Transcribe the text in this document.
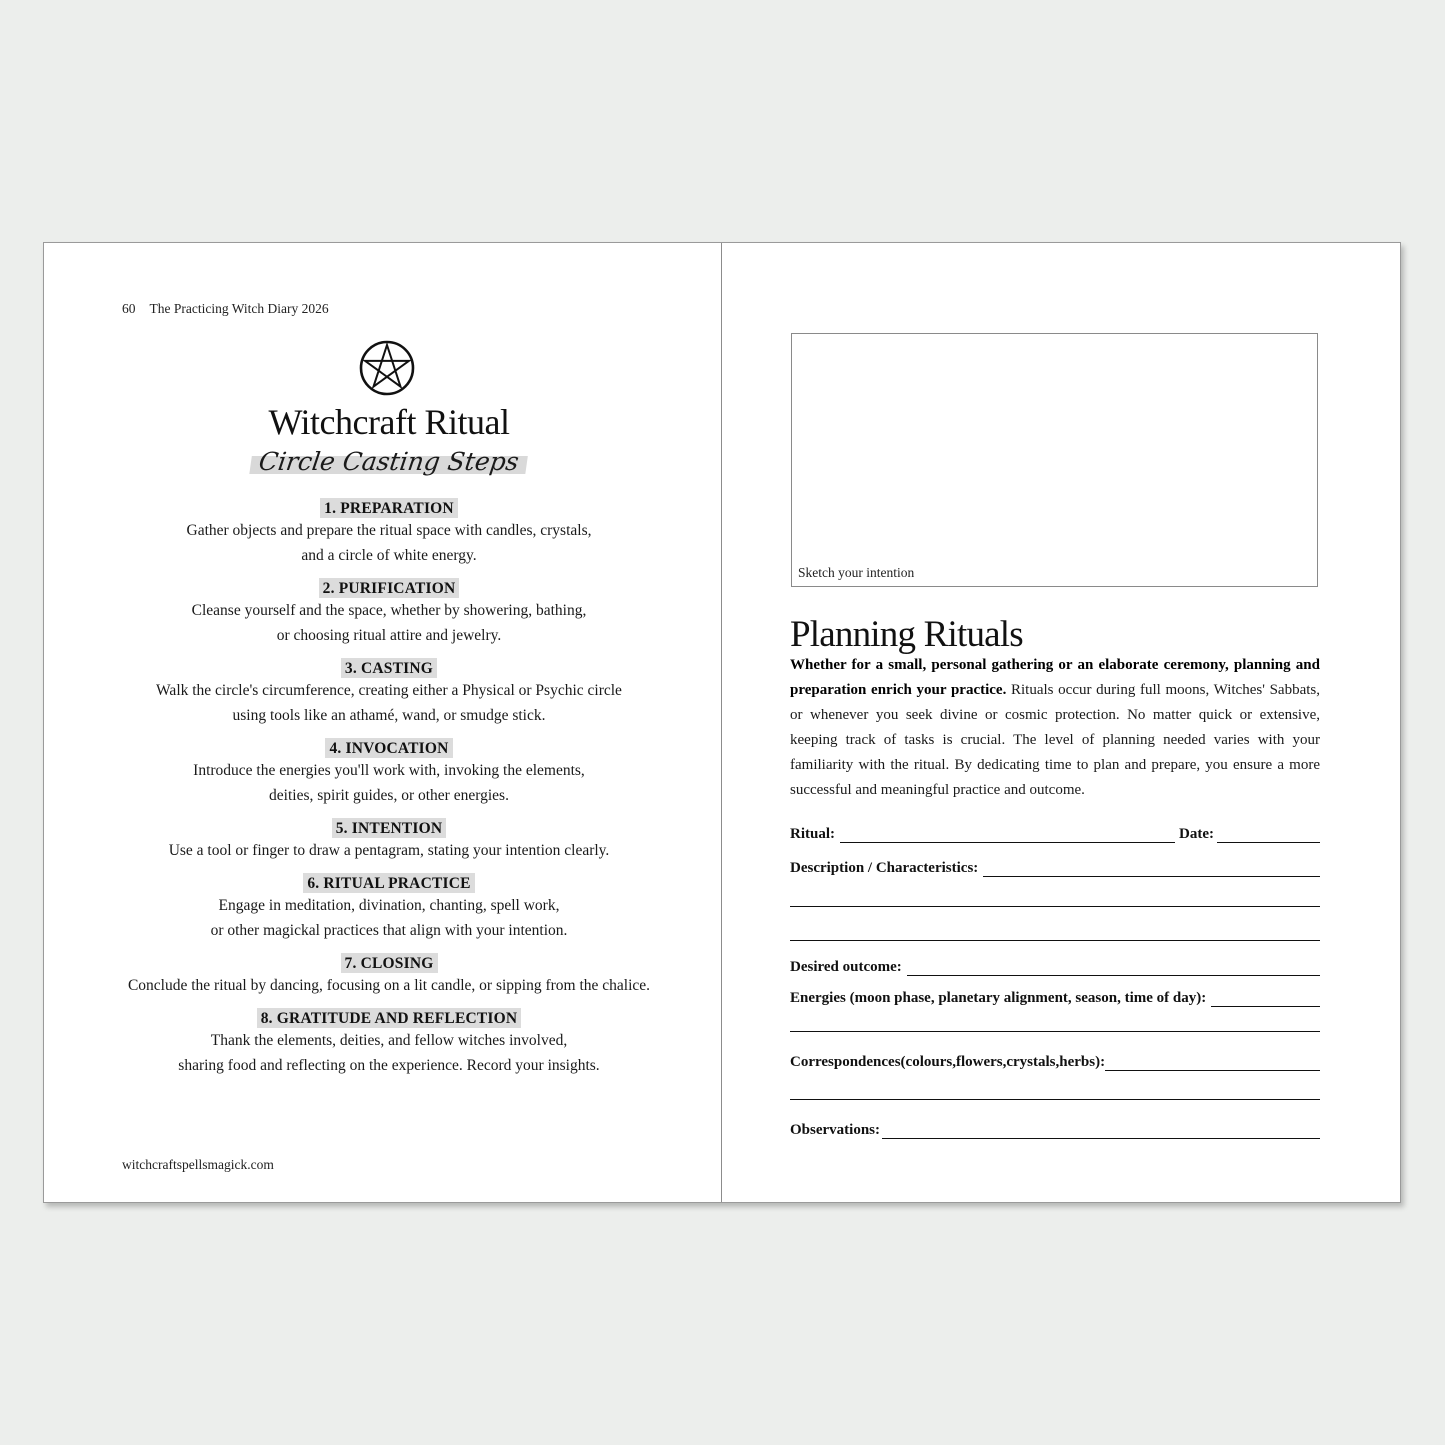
60 The Practicing Witch Diary 2026
Witchcraft Ritual
Circle Casting Steps
1. PREPARATION
Gather objects and prepare the ritual space with candles, crystals,
and a circle of white energy.
2. PURIFICATION
Cleanse yourself and the space, whether by showering, bathing,
or choosing ritual attire and jewelry.
3. CASTING
Walk the circle's circumference, creating either a Physical or Psychic circle
using tools like an athamé, wand, or smudge stick.
4. INVOCATION
Introduce the energies you'll work with, invoking the elements,
deities, spirit guides, or other energies.
5. INTENTION
Use a tool or finger to draw a pentagram, stating your intention clearly.
6. RITUAL PRACTICE
Engage in meditation, divination, chanting, spell work,
or other magickal practices that align with your intention.
7. CLOSING
Conclude the ritual by dancing, focusing on a lit candle, or sipping from the chalice.
8. GRATITUDE AND REFLECTION
Thank the elements, deities, and fellow witches involved,
sharing food and reflecting on the experience. Record your insights.
witchcraftspellsmagick.com
Sketch your intention
Planning Rituals
Whether for a small, personal gathering or an elaborate ceremony, planning and preparation enrich your practice. Rituals occur during full moons, Witches' Sabbats, or whenever you seek divine or cosmic protection. No matter quick or extensive, keeping track of tasks is crucial. The level of planning needed varies with your familiarity with the ritual. By dedicating time to plan and prepare, you ensure a more successful and meaningful practice and outcome.
Ritual:	Date:
Description / Characteristics:
Desired outcome:
Energies (moon phase, planetary alignment, season, time of day):
Correspondences(colours,flowers,crystals,herbs):
Observations:
